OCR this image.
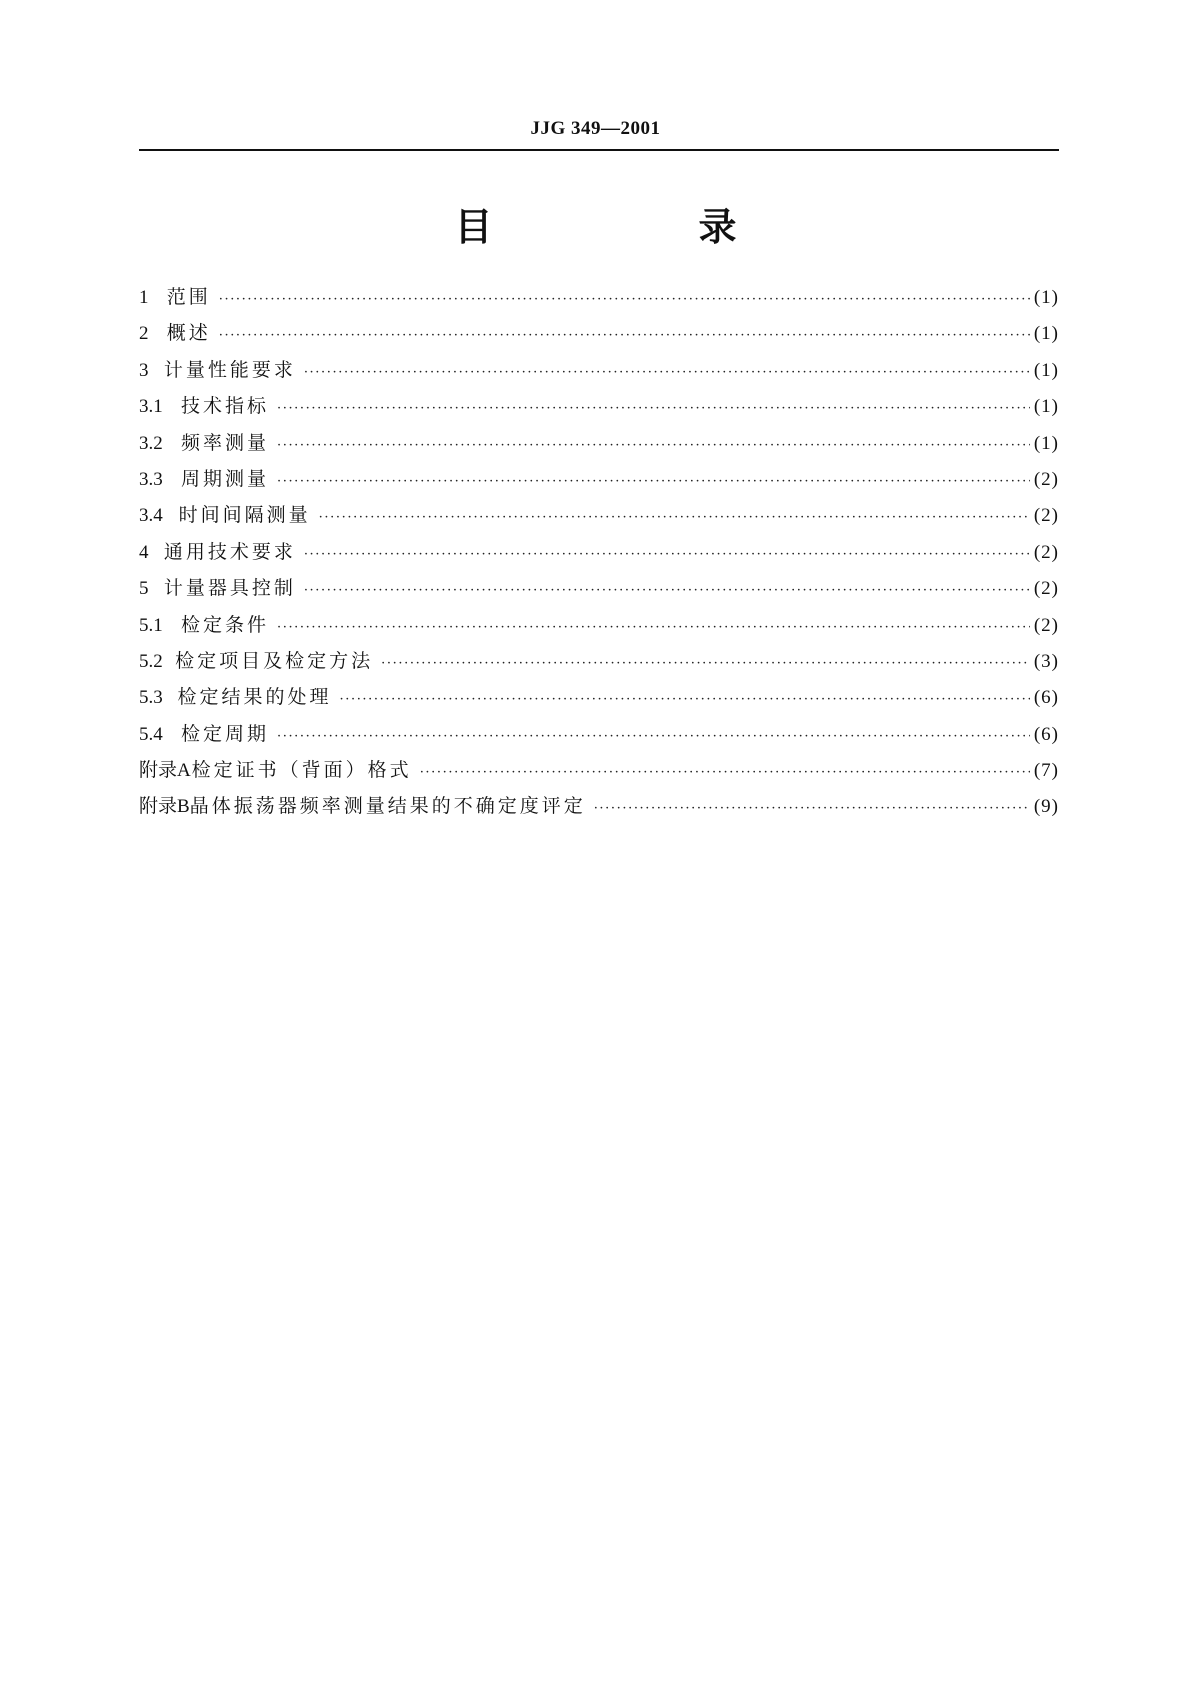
JJG 349—2001
目　录
1 范围 ·····	(1)
2 概述 ·····	(1)
3 计量性能要求 ·····	(1)
3.1 技术指标 ·····	(1)
3.2 频率测量 ·····	(1)
3.3 周期测量 ·····	(2)
3.4 时间间隔测量 ·····	(2)
4 通用技术要求 ·····	(2)
5 计量器具控制 ·····	(2)
5.1 检定条件 ·····	(2)
5.2 检定项目及检定方法 ·····	(3)
5.3 检定结果的处理 ·····	(6)
5.4 检定周期 ·····	(6)
附录A 检定证书（背面）格式 ·····	(7)
附录B 晶体振荡器频率测量结果的不确定度评定 ·····	(9)
